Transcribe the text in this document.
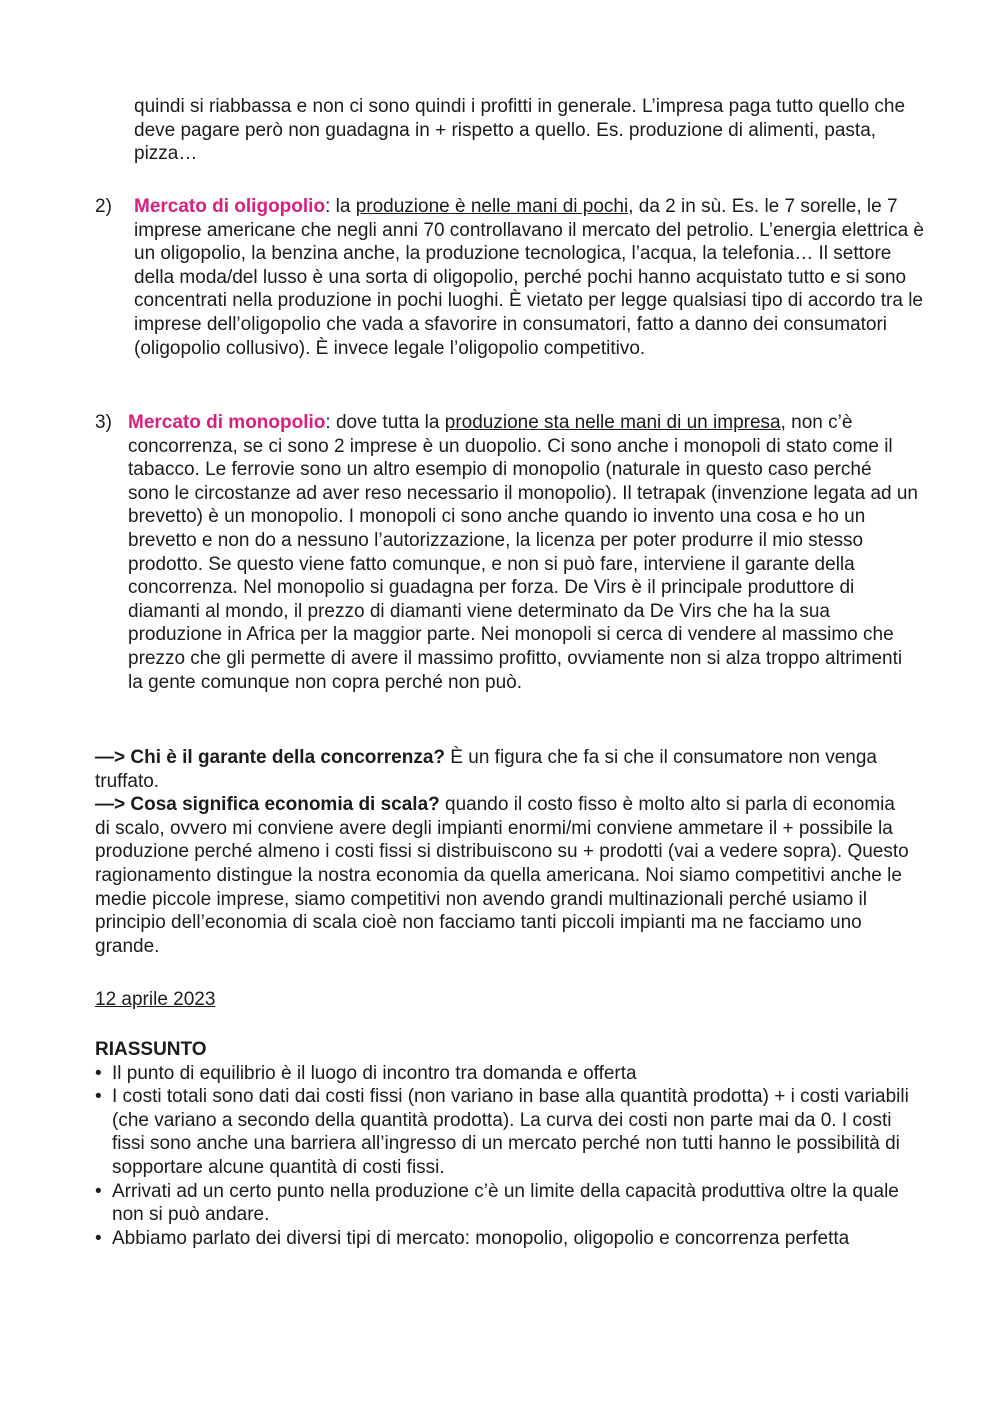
quindi si riabbassa e non ci sono quindi i profitti in generale. L’impresa paga tutto quello che deve pagare però non guadagna in + rispetto a quello. Es. produzione di alimenti, pasta, pizza…

2) Mercato di oligopolio: la produzione è nelle mani di pochi, da 2 in sù. Es. le 7 sorelle, le 7 imprese americane che negli anni 70 controllavano il mercato del petrolio. L’energia elettrica è un oligopolio, la benzina anche, la produzione tecnologica, l’acqua, la telefonia… Il settore della moda/del lusso è una sorta di oligopolio, perché pochi hanno acquistato tutto e si sono concentrati nella produzione in pochi luoghi. È vietato per legge qualsiasi tipo di accordo tra le imprese dell’oligopolio che vada a sfavorire in consumatori, fatto a danno dei consumatori (oligopolio collusivo). È invece legale l’oligopolio competitivo.

3) Mercato di monopolio: dove tutta la produzione sta nelle mani di un impresa, non c’è concorrenza, se ci sono 2 imprese è un duopolio. Ci sono anche i monopoli di stato come il tabacco. Le ferrovie sono un altro esempio di monopolio (naturale in questo caso perché sono le circostanze ad aver reso necessario il monopolio). Il tetrapak (invenzione legata ad un brevetto) è un monopolio. I monopoli ci sono anche quando io invento una cosa e ho un brevetto e non do a nessuno l’autorizzazione, la licenza per poter produrre il mio stesso prodotto. Se questo viene fatto comunque, e non si può fare, interviene il garante della concorrenza. Nel monopolio si guadagna per forza. De Virs è il principale produttore di diamanti al mondo, il prezzo di diamanti viene determinato da De Virs che ha la sua produzione in Africa per la maggior parte. Nei monopoli si cerca di vendere al massimo che prezzo che gli permette di avere il massimo profitto, ovviamente non si alza troppo altrimenti la gente comunque non copra perché non può.

—> Chi è il garante della concorrenza? È un figura che fa si che il consumatore non venga truffato.

—> Cosa significa economia di scala? quando il costo fisso è molto alto si parla di economia di scalo, ovvero mi conviene avere degli impianti enormi/mi conviene ammetare il + possibile la produzione perché almeno i costi fissi si distribuiscono su + prodotti (vai a vedere sopra). Questo ragionamento distingue la nostra economia da quella americana. Noi siamo competitivi anche le medie piccole imprese, siamo competitivi non avendo grandi multinazionali perché usiamo il principio dell’economia di scala cioè non facciamo tanti piccoli impianti ma ne facciamo uno grande.

12 aprile 2023
RIASSUNTO
• Il punto di equilibrio è il luogo di incontro tra domanda e offerta
• I costi totali sono dati dai costi fissi (non variano in base alla quantità prodotta) + i costi variabili (che variano a secondo della quantità prodotta). La curva dei costi non parte mai da 0. I costi fissi sono anche una barriera all’ingresso di un mercato perché non tutti hanno le possibilità di sopportare alcune quantità di costi fissi.
• Arrivati ad un certo punto nella produzione c’è un limite della capacità produttiva oltre la quale non si può andare.
• Abbiamo parlato dei diversi tipi di mercato: monopolio, oligopolio e concorrenza perfetta
